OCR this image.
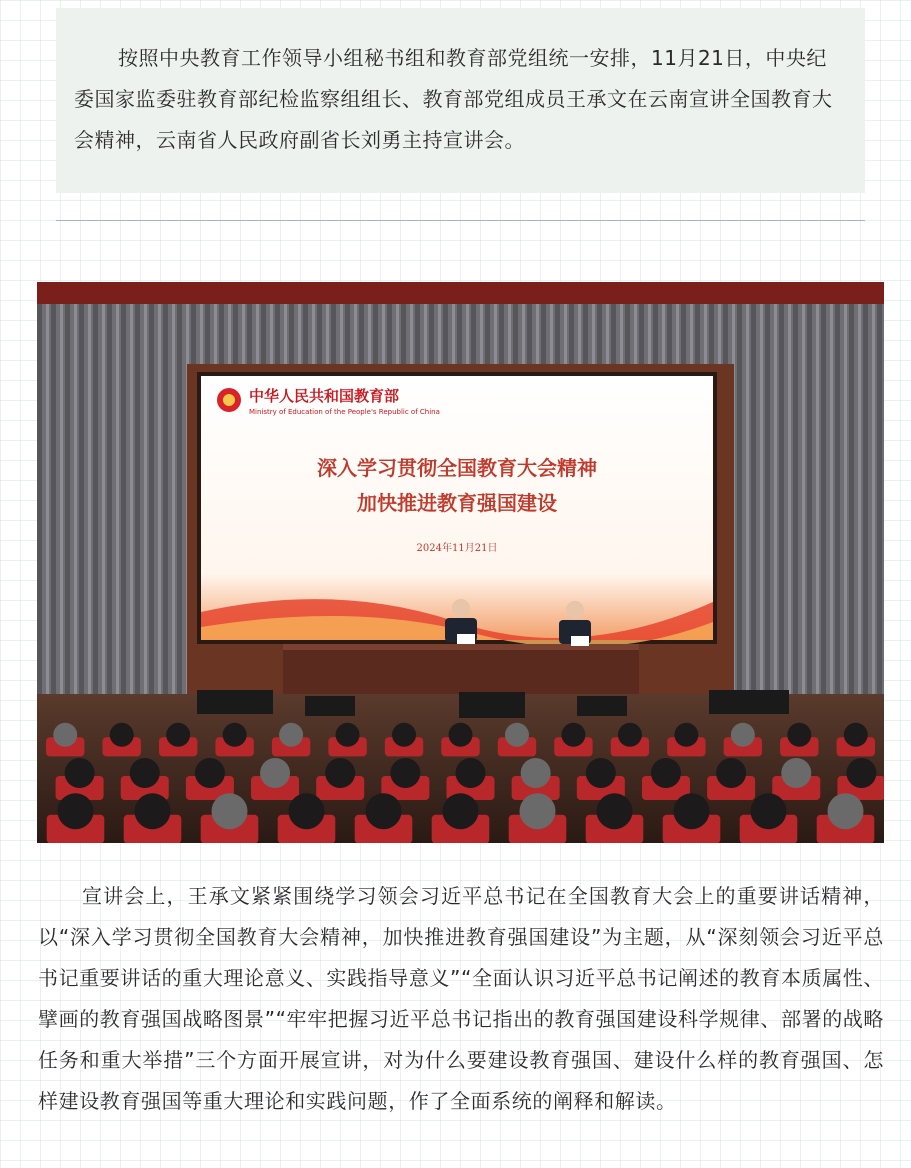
按照中央教育工作领导小组秘书组和教育部党组统一安排，11月21日，中央纪委国家监委驻教育部纪检监察组组长、教育部党组成员王承文在云南宣讲全国教育大会精神，云南省人民政府副省长刘勇主持宣讲会。

中华人民共和国教育部
Ministry of Education of the People's Republic of China
深入学习贯彻全国教育大会精神
加快推进教育强国建设
2024年11月21日

宣讲会上，王承文紧紧围绕学习领会习近平总书记在全国教育大会上的重要讲话精神，以“深入学习贯彻全国教育大会精神，加快推进教育强国建设”为主题，从“深刻领会习近平总书记重要讲话的重大理论意义、实践指导意义”“全面认识习近平总书记阐述的教育本质属性、擘画的教育强国战略图景”“牢牢把握习近平总书记指出的教育强国建设科学规律、部署的战略任务和重大举措”三个方面开展宣讲，对为什么要建设教育强国、建设什么样的教育强国、怎样建设教育强国等重大理论和实践问题，作了全面系统的阐释和解读。
